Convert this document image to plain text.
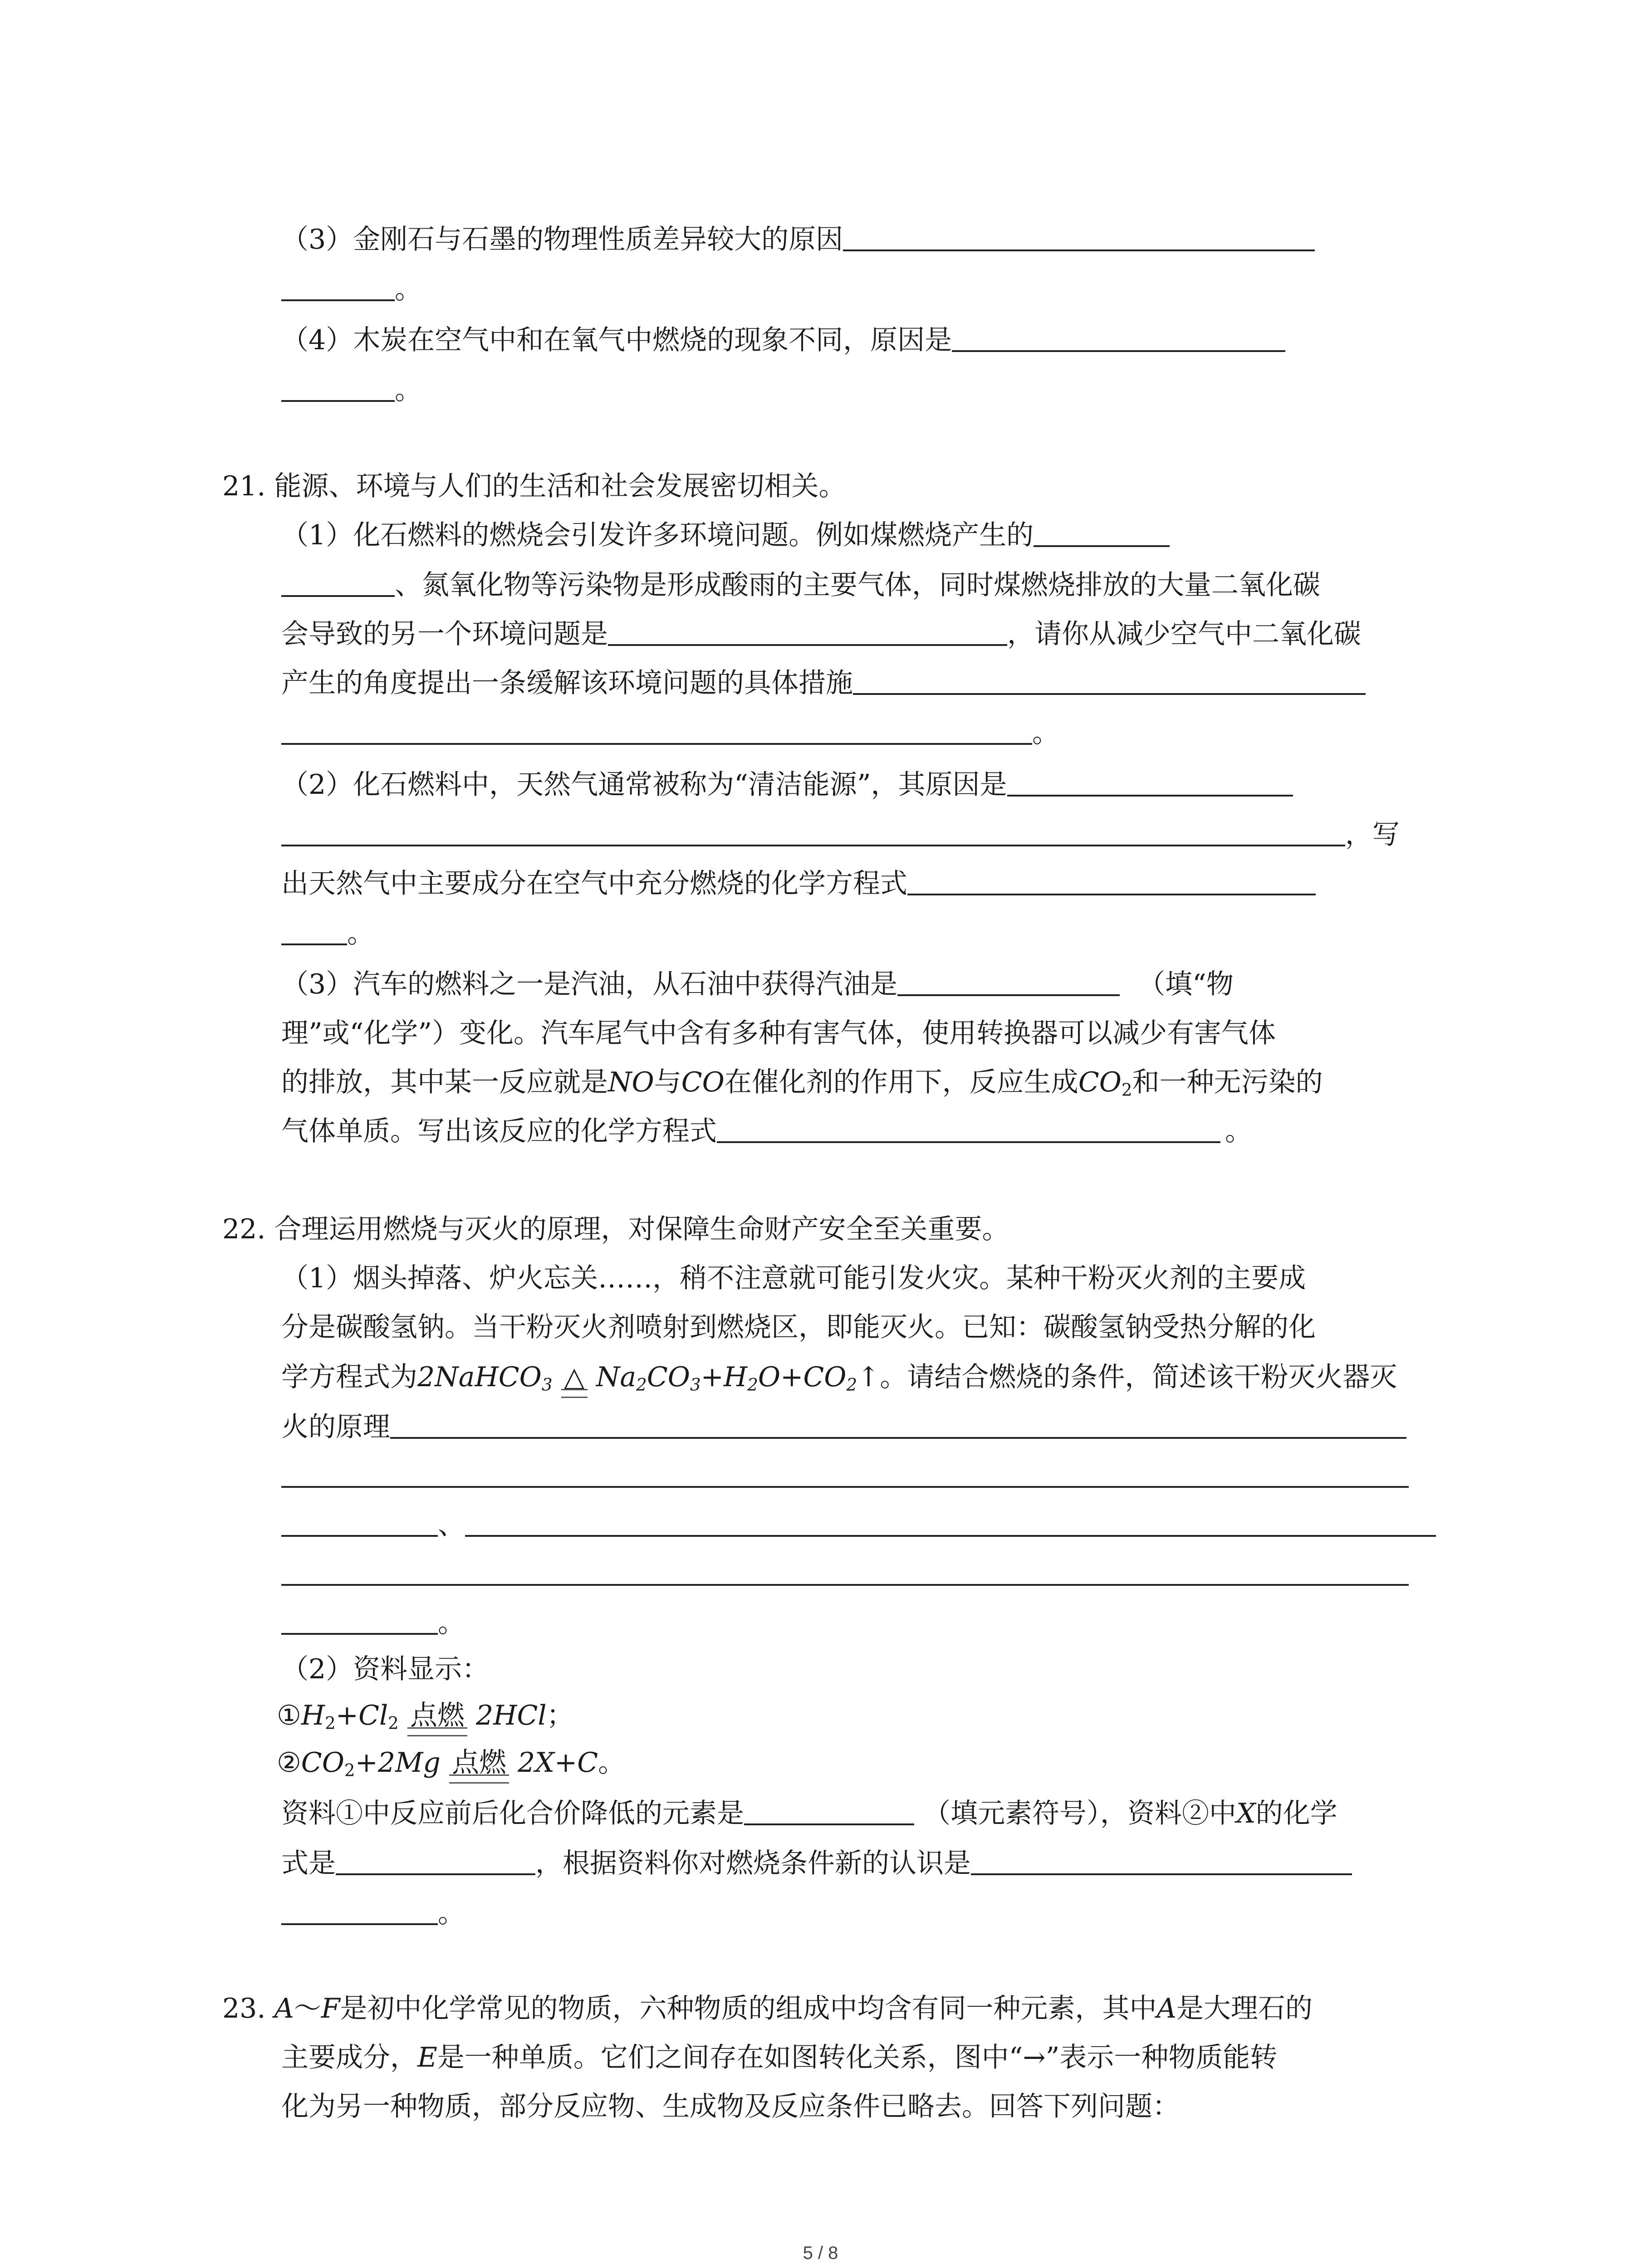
（3）金刚石与石墨的物理性质差异较大的原因
。
（4）木炭在空气中和在氧气中燃烧的现象不同，原因是
。
21. 能源、环境与人们的生活和社会发展密切相关。
（1）化石燃料的燃烧会引发许多环境问题。例如煤燃烧产生的
、氮氧化物等污染物是形成酸雨的主要气体，同时煤燃烧排放的大量二氧化碳
会导致的另一个环境问题是	，请你从减少空气中二氧化碳
产生的角度提出一条缓解该环境问题的具体措施
。
（2）化石燃料中，天然气通常被称为“清洁能源”，其原因是
，写
出天然气中主要成分在空气中充分燃烧的化学方程式
。
（3）汽车的燃料之一是汽油，从石油中获得汽油是	（填“物
理”或“化学”）变化。汽车尾气中含有多种有害气体，使用转换器可以减少有害气体
的排放，其中某一反应就是NO与CO在催化剂的作用下，反应生成$CO_2$和一种无污染的
气体单质。写出该反应的化学方程式	。
22. 合理运用燃烧与灭火的原理，对保障生命财产安全至关重要。
（1）烟头掉落、炉火忘关……，稍不注意就可能引发火灾。某种干粉灭火剂的主要成
分是碳酸氢钠。当干粉灭火剂喷射到燃烧区，即能灭火。已知：碳酸氢钠受热分解的化
学方程式为2NaHCO$_3$ △ $Na_2CO_3+H_2O+CO_2↑$。请结合燃烧的条件，简述该干粉灭火器灭
火的原理
、
。
（2）资料显示：
$①H_2+Cl_2$ 点燃 2HCl；
$②CO_2+2Mg$ 点燃 2X+C。
资料①中反应前后化合价降低的元素是	（填元素符号），资料②中X的化学
式是	，根据资料你对燃烧条件新的认识是
。
23. A～F是初中化学常见的物质，六种物质的组成中均含有同一种元素，其中A是大理石的
主要成分，E是一种单质。它们之间存在如图转化关系，图中“→”表示一种物质能转
化为另一种物质，部分反应物、生成物及反应条件已略去。回答下列问题：
5 / 8
